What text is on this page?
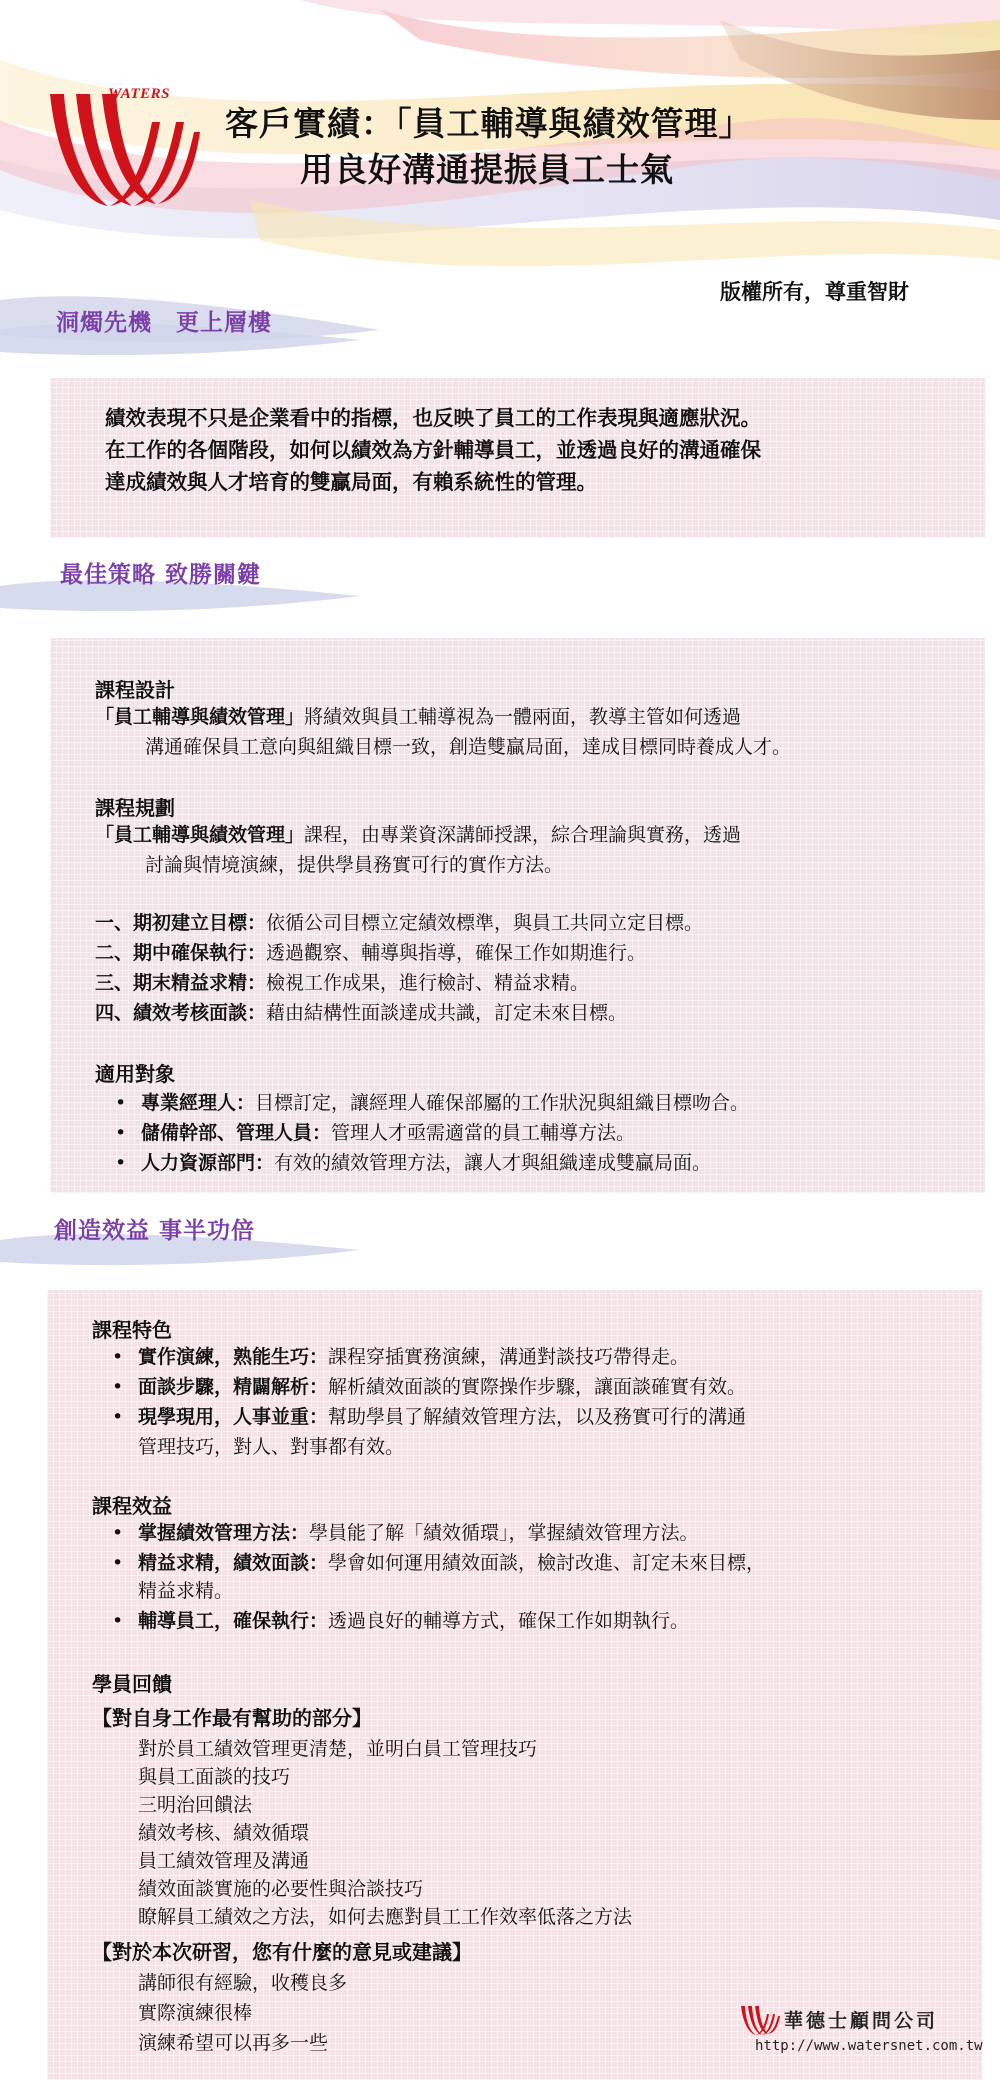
WATERS
客戶實績：「員工輔導與績效管理」
用良好溝通提振員工士氣
版權所有，尊重智財
洞燭先機　更上層樓

績效表現不只是企業看中的指標，也反映了員工的工作表現與適應狀況。

在工作的各個階段，如何以績效為方針輔導員工，並透過良好的溝通確保

達成績效與人才培育的雙贏局面，有賴系統性的管理。

最佳策略 致勝關鍵
課程設計
「員工輔導與績效管理」將績效與員工輔導視為一體兩面，教導主管如何透過
溝通確保員工意向與組織目標一致，創造雙贏局面，達成目標同時養成人才。
課程規劃
「員工輔導與績效管理」課程，由專業資深講師授課，綜合理論與實務，透過
討論與情境演練，提供學員務實可行的實作方法。
一、期初建立目標：依循公司目標立定績效標準，與員工共同立定目標。
二、期中確保執行：透過觀察、輔導與指導，確保工作如期進行。
三、期末精益求精：檢視工作成果，進行檢討、精益求精。
四、績效考核面談：藉由結構性面談達成共識，訂定未來目標。
適用對象
• 專業經理人：目標訂定，讓經理人確保部屬的工作狀況與組織目標吻合。
• 儲備幹部、管理人員：管理人才亟需適當的員工輔導方法。
• 人力資源部門：有效的績效管理方法，讓人才與組織達成雙贏局面。
創造效益 事半功倍
課程特色
• 實作演練，熟能生巧：課程穿插實務演練，溝通對談技巧帶得走。
• 面談步驟，精闢解析：解析績效面談的實際操作步驟，讓面談確實有效。
• 現學現用，人事並重：幫助學員了解績效管理方法，以及務實可行的溝通
管理技巧，對人、對事都有效。
課程效益
• 掌握績效管理方法：學員能了解「績效循環」，掌握績效管理方法。
• 精益求精，績效面談：學會如何運用績效面談，檢討改進、訂定未來目標，
精益求精。
• 輔導員工，確保執行：透過良好的輔導方式，確保工作如期執行。
學員回饋
【對自身工作最有幫助的部分】
對於員工績效管理更清楚，並明白員工管理技巧
與員工面談的技巧
三明治回饋法
績效考核、績效循環
員工績效管理及溝通
績效面談實施的必要性與洽談技巧
瞭解員工績效之方法，如何去應對員工工作效率低落之方法
【對於本次研習，您有什麼的意見或建議】
講師很有經驗，收穫良多
實際演練很棒
演練希望可以再多一些
華德士顧問公司
http://www.watersnet.com.tw
